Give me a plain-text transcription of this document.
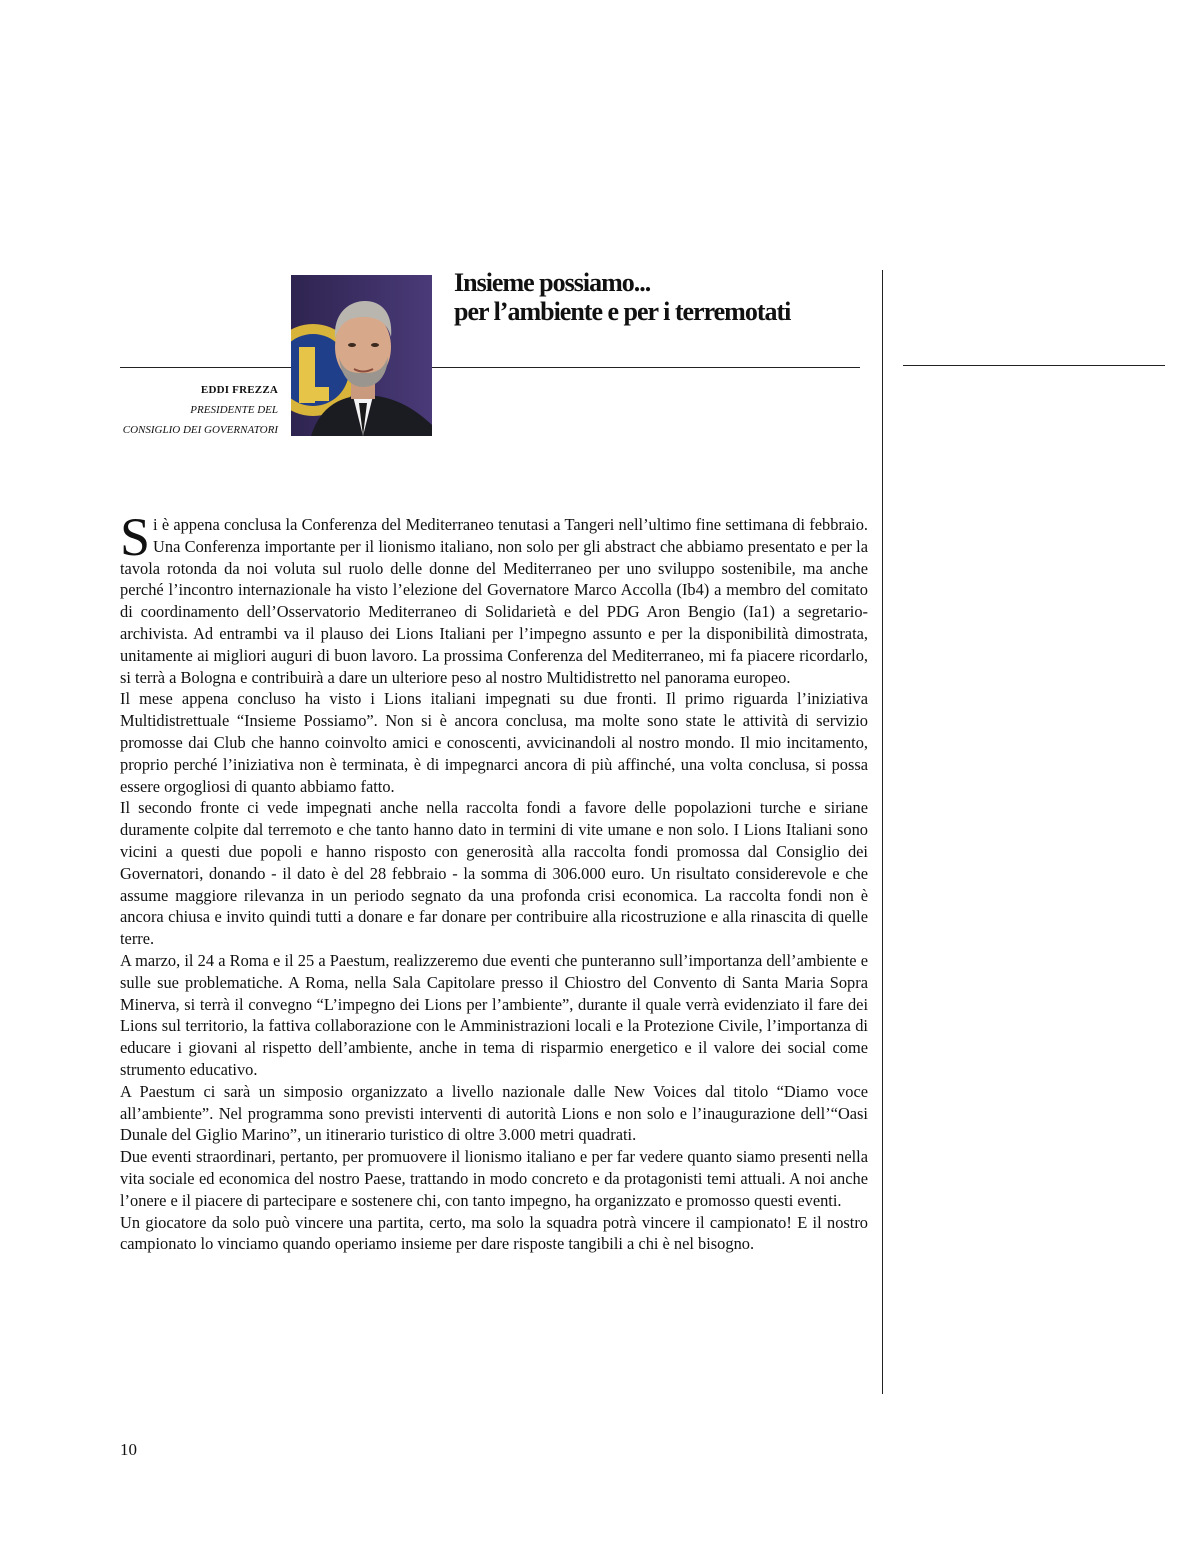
Insieme possiamo...
per l’ambiente e per i terremotati
EDDI FREZZA
PRESIDENTE DEL
CONSIGLIO DEI GOVERNATORI

Si è appena conclusa la Conferenza del Mediterraneo tenutasi a Tangeri nell’ultimo fine settimana di febbraio. Una Conferenza importante per il lionismo italiano, non solo per gli abstract che abbiamo presentato e per la tavola rotonda da noi voluta sul ruolo delle donne del Mediterraneo per uno sviluppo sostenibile, ma anche perché l’incontro internazionale ha visto l’elezione del Governatore Marco Accolla (Ib4) a membro del comitato di coordinamento dell’Osservatorio Mediterraneo di Solidarietà e del PDG Aron Bengio (Ia1) a segretario-archivista. Ad entrambi va il plauso dei Lions Italiani per l’impegno assunto e per la disponibilità dimostrata, unitamente ai migliori auguri di buon lavoro. La prossima Conferenza del Mediterraneo, mi fa piacere ricordarlo, si terrà a Bologna e contribuirà a dare un ulteriore peso al nostro Multidistretto nel panorama europeo.

Il mese appena concluso ha visto i Lions italiani impegnati su due fronti. Il primo riguarda l’iniziativa Multidistrettuale “Insieme Possiamo”. Non si è ancora conclusa, ma molte sono state le attività di servizio promosse dai Club che hanno coinvolto amici e conoscenti, avvicinandoli al nostro mondo. Il mio incitamento, proprio perché l’iniziativa non è terminata, è di impegnarci ancora di più affinché, una volta conclusa, si possa essere orgogliosi di quanto abbiamo fatto.

Il secondo fronte ci vede impegnati anche nella raccolta fondi a favore delle popolazioni turche e siriane duramente colpite dal terremoto e che tanto hanno dato in termini di vite umane e non solo. I Lions Italiani sono vicini a questi due popoli e hanno risposto con generosità alla raccolta fondi promossa dal Consiglio dei Governatori, donando - il dato è del 28 febbraio - la somma di 306.000 euro. Un risultato considerevole e che assume maggiore rilevanza in un periodo segnato da una profonda crisi economica. La raccolta fondi non è ancora chiusa e invito quindi tutti a donare e far donare per contribuire alla ricostruzione e alla rinascita di quelle terre.

A marzo, il 24 a Roma e il 25 a Paestum, realizzeremo due eventi che punteranno sull’importanza dell’ambiente e sulle sue problematiche. A Roma, nella Sala Capitolare presso il Chiostro del Convento di Santa Maria Sopra Minerva, si terrà il convegno “L’impegno dei Lions per l’ambiente”, durante il quale verrà evidenziato il fare dei Lions sul territorio, la fattiva collaborazione con le Amministrazioni locali e la Protezione Civile, l’importanza di educare i giovani al rispetto dell’ambiente, anche in tema di risparmio energetico e il valore dei social come strumento educativo.

A Paestum ci sarà un simposio organizzato a livello nazionale dalle New Voices dal titolo “Diamo voce all’ambiente”. Nel programma sono previsti interventi di autorità Lions e non solo e l’inaugurazione dell’“Oasi Dunale del Giglio Marino”, un itinerario turistico di oltre 3.000 metri quadrati.

Due eventi straordinari, pertanto, per promuovere il lionismo italiano e per far vedere quanto siamo presenti nella vita sociale ed economica del nostro Paese, trattando in modo concreto e da protagonisti temi attuali. A noi anche l’onere e il piacere di partecipare e sostenere chi, con tanto impegno, ha organizzato e promosso questi eventi.

Un giocatore da solo può vincere una partita, certo, ma solo la squadra potrà vincere il campionato! E il nostro campionato lo vinciamo quando operiamo insieme per dare risposte tangibili a chi è nel bisogno.

10
